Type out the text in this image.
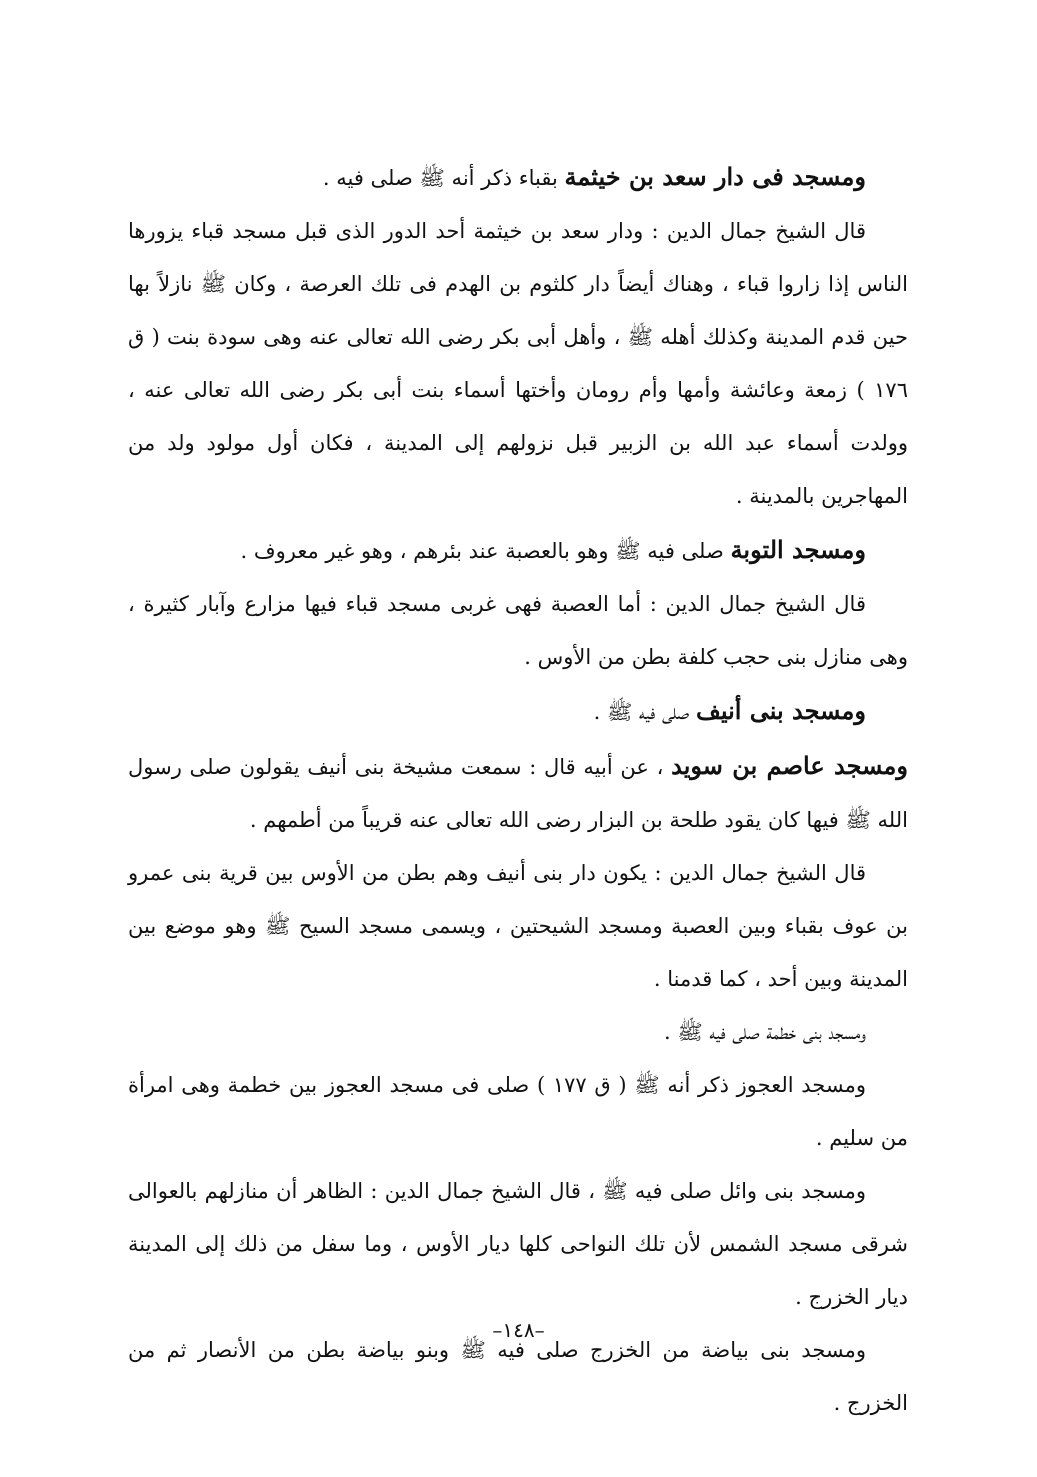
ومسجد فى دار سعد بن خيثمة بقباء ذكر أنه ﷺ صلى فيه .

قال الشيخ جمال الدين : ودار سعد بن خيثمة أحد الدور الذى قبل مسجد قباء يزورها الناس إذا زاروا قباء ، وهناك أيضاً دار كلثوم بن الهدم فى تلك العرصة ، وكان ﷺ نازلاً بها حين قدم المدينة وكذلك أهله ﷺ ، وأهل أبى بكر رضى الله تعالى عنه وهى سودة بنت ( ق ١٧٦ ) زمعة وعائشة وأمها وأم رومان وأختها أسماء بنت أبى بكر رضى الله تعالى عنه ، وولدت أسماء عبد الله بن الزبير قبل نزولهم إلى المدينة ، فكان أول مولود ولد من المهاجرين بالمدينة .

ومسجد التوبة صلى فيه ﷺ وهو بالعصبة عند بئرهم ، وهو غير معروف .

قال الشيخ جمال الدين : أما العصبة فهى غربى مسجد قباء فيها مزارع وآبار كثيرة ، وهى منازل بنى حجب كلفة بطن من الأوس .

ومسجد بنى أنيف صلى فيه ﷺ .

ومسجد عاصم بن سويد ، عن أبيه قال : سمعت مشيخة بنى أنيف يقولون صلى رسول الله ﷺ فيها كان يقود طلحة بن البزار رضى الله تعالى عنه قريباً من أطمهم .

قال الشيخ جمال الدين : يكون دار بنى أنيف وهم بطن من الأوس بين قرية بنى عمرو بن عوف بقباء وبين العصبة ومسجد الشيحتين ، ويسمى مسجد السيح ﷺ وهو موضع بين المدينة وبين أحد ، كما قدمنا .

ومسجد بنى خطمة صلى فيه ﷺ .

ومسجد العجوز ذكر أنه ﷺ ( ق ١٧٧ ) صلى فى مسجد العجوز بين خطمة وهى امرأة من سليم .

ومسجد بنى وائل صلى فيه ﷺ ، قال الشيخ جمال الدين : الظاهر أن منازلهم بالعوالى شرقى مسجد الشمس لأن تلك النواحى كلها ديار الأوس ، وما سفل من ذلك إلى المدينة ديار الخزرج .

ومسجد بنى بياضة من الخزرج صلى فيه ﷺ وبنو بياضة بطن من الأنصار ثم من الخزرج .

–١٤٨–
